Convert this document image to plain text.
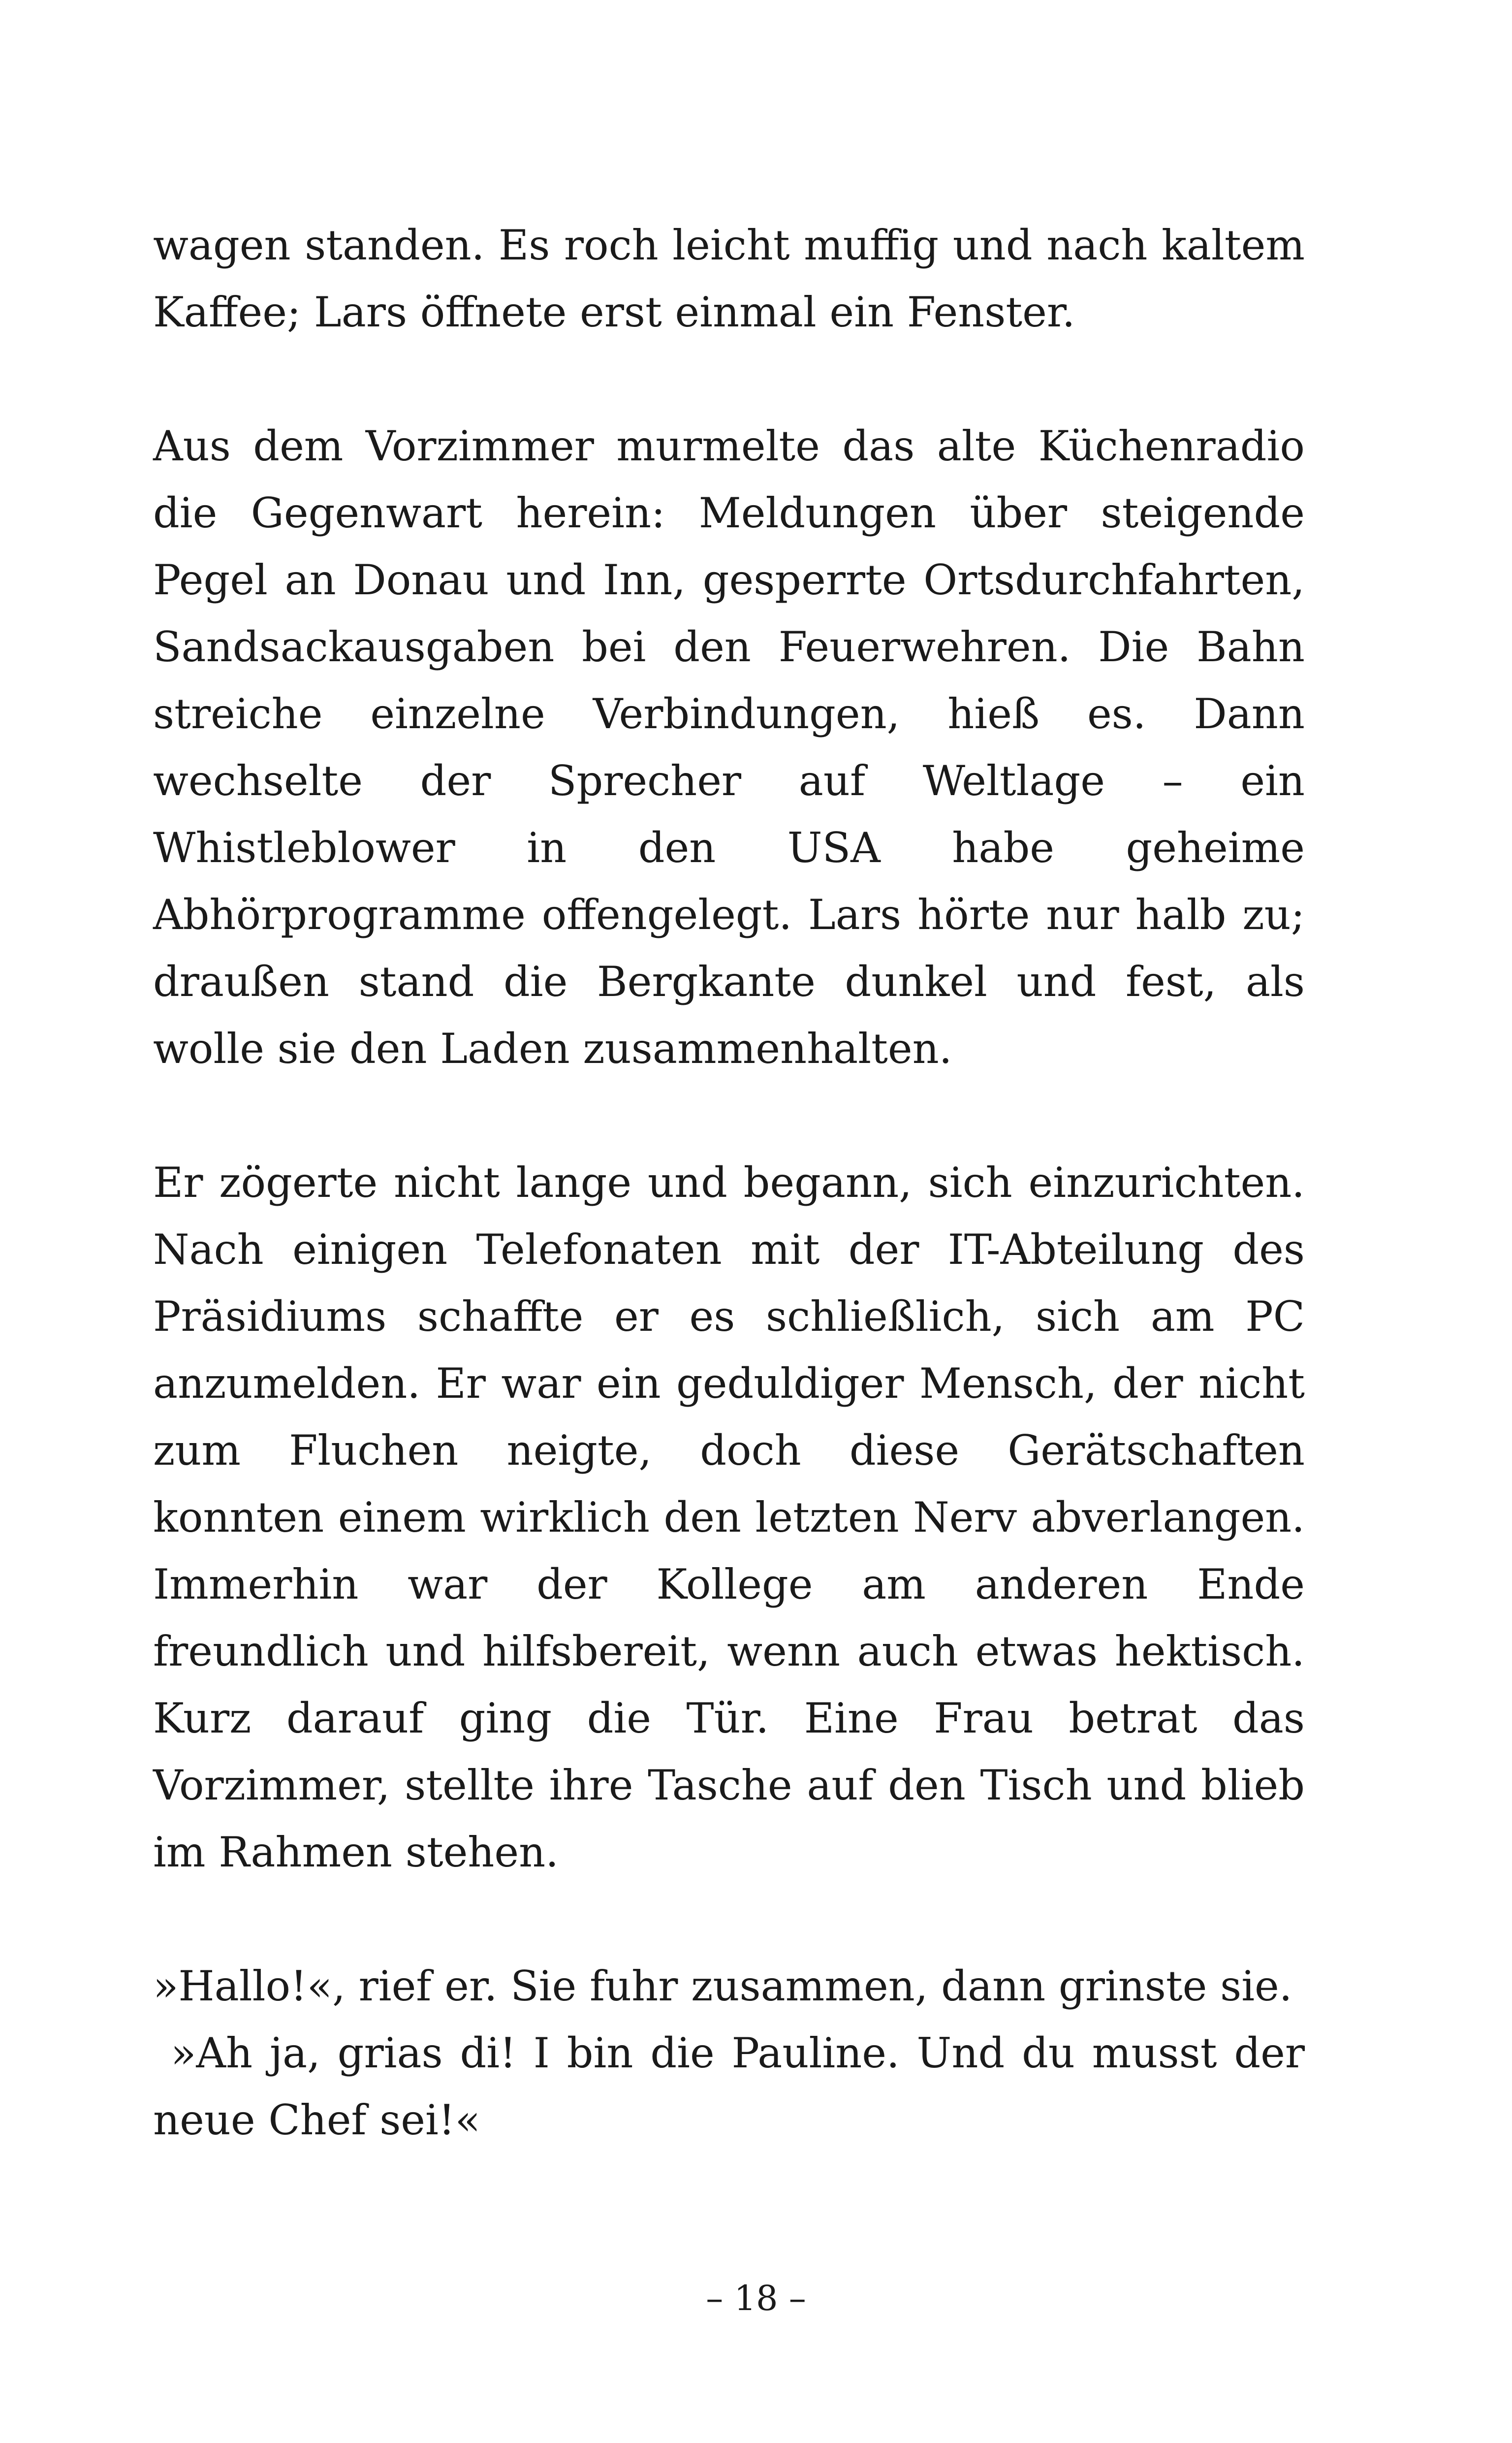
wagen standen. Es roch leicht muffig und nach kaltem Kaffee; Lars öffnete erst einmal ein Fenster.

Aus dem Vorzimmer murmelte das alte Küchenradio die Gegenwart herein: Meldungen über steigende Pegel an Donau und Inn, gesperrte Ortsdurchfahrten, Sandsackausgaben bei den Feuerwehren. Die Bahn streiche einzelne Verbindungen, hieß es. Dann wechselte der Sprecher auf Weltlage – ein Whistleblower in den USA habe geheime Abhörprogramme offengelegt. Lars hörte nur halb zu; draußen stand die Bergkante dunkel und fest, als wolle sie den Laden zusammenhalten.

Er zögerte nicht lange und begann, sich einzurichten. Nach einigen Telefonaten mit der IT-Abteilung des Präsidiums schaffte er es schließlich, sich am PC anzumelden. Er war ein geduldiger Mensch, der nicht zum Fluchen neigte, doch diese Gerätschaften konnten einem wirklich den letzten Nerv abverlangen. Immerhin war der Kollege am anderen Ende freundlich und hilfsbereit, wenn auch etwas hektisch. Kurz darauf ging die Tür. Eine Frau betrat das Vorzimmer, stellte ihre Tasche auf den Tisch und blieb im Rahmen stehen.

»Hallo!«, rief er. Sie fuhr zusammen, dann grinste sie.

»Ah ja, grias di! I bin die Pauline. Und du musst der neue Chef sei!«

– 18 –
